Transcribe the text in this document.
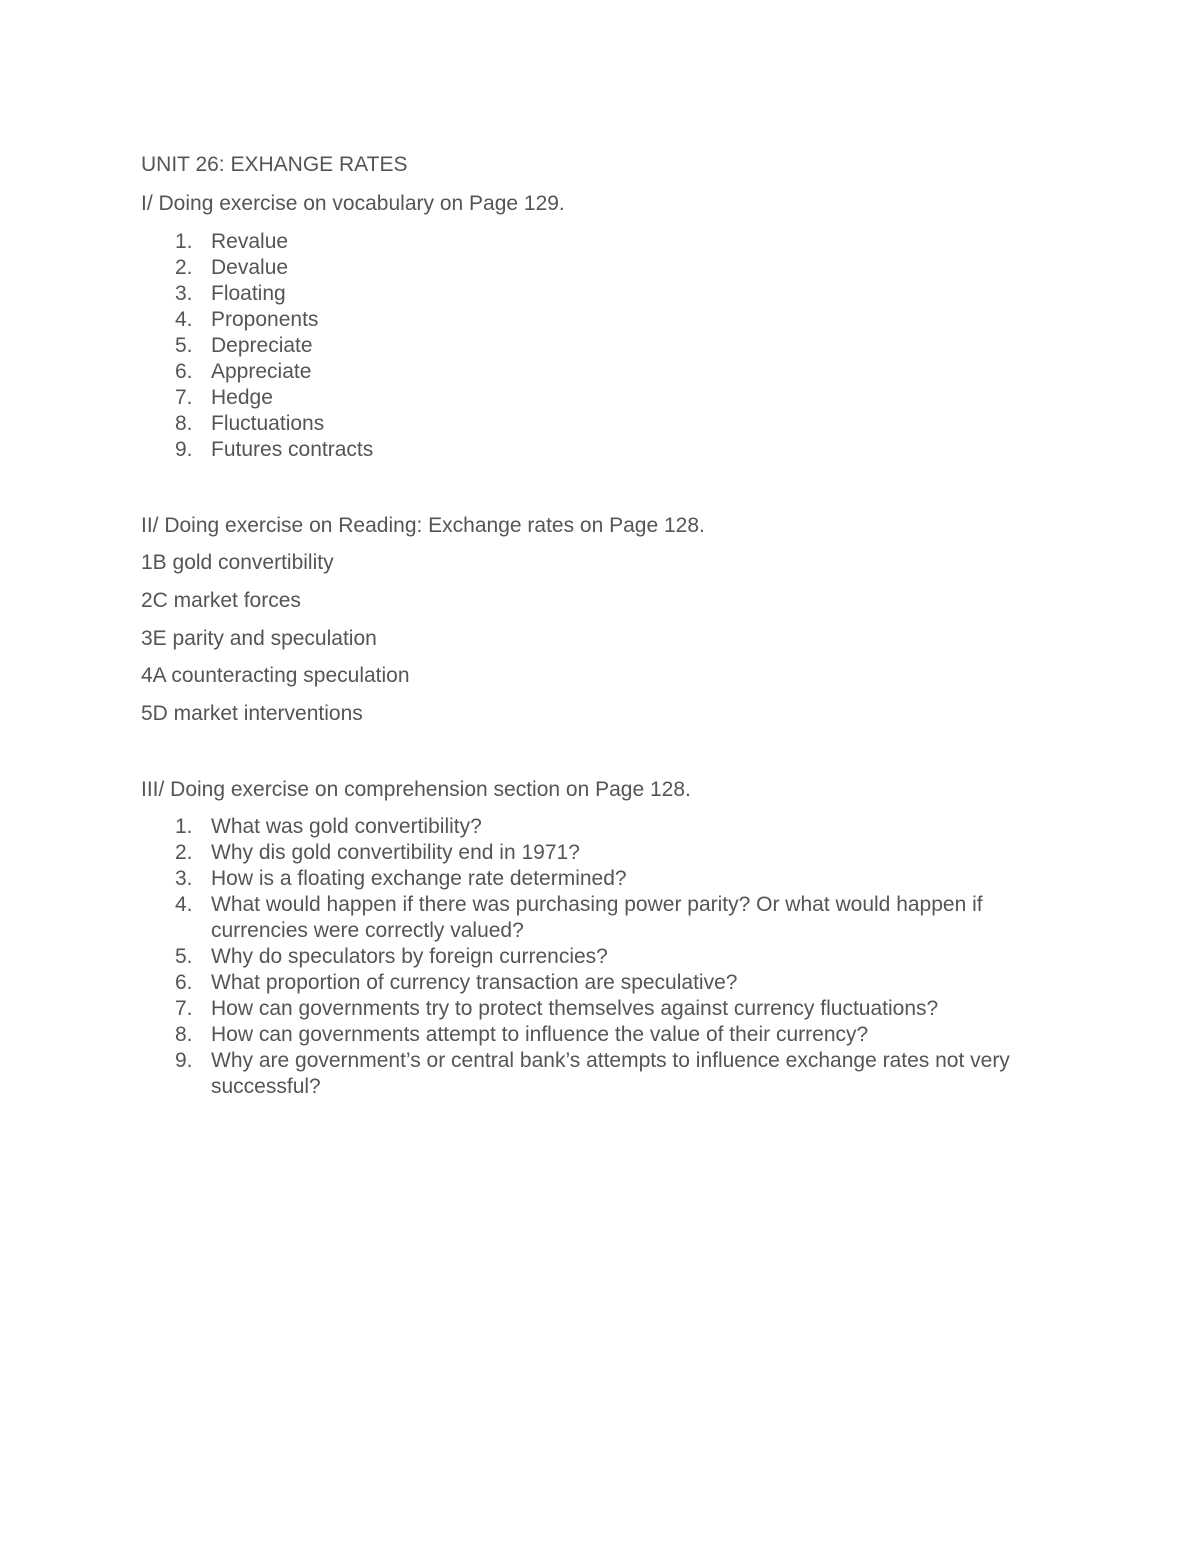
UNIT 26: EXHANGE RATES
I/ Doing exercise on vocabulary on Page 129.
1. Revalue
2. Devalue
3. Floating
4. Proponents
5. Depreciate
6. Appreciate
7. Hedge
8. Fluctuations
9. Futures contracts
II/ Doing exercise on Reading: Exchange rates on Page 128.
1B gold convertibility
2C market forces
3E parity and speculation
4A counteracting speculation
5D market interventions
III/ Doing exercise on comprehension section on Page 128.
1. What was gold convertibility?
2. Why dis gold convertibility end in 1971?
3. How is a floating exchange rate determined?
4. What would happen if there was purchasing power parity? Or what would happen if currencies were correctly valued?
5. Why do speculators by foreign currencies?
6. What proportion of currency transaction are speculative?
7. How can governments try to protect themselves against currency fluctuations?
8. How can governments attempt to influence the value of their currency?
9. Why are government’s or central bank’s attempts to influence exchange rates not very successful?
